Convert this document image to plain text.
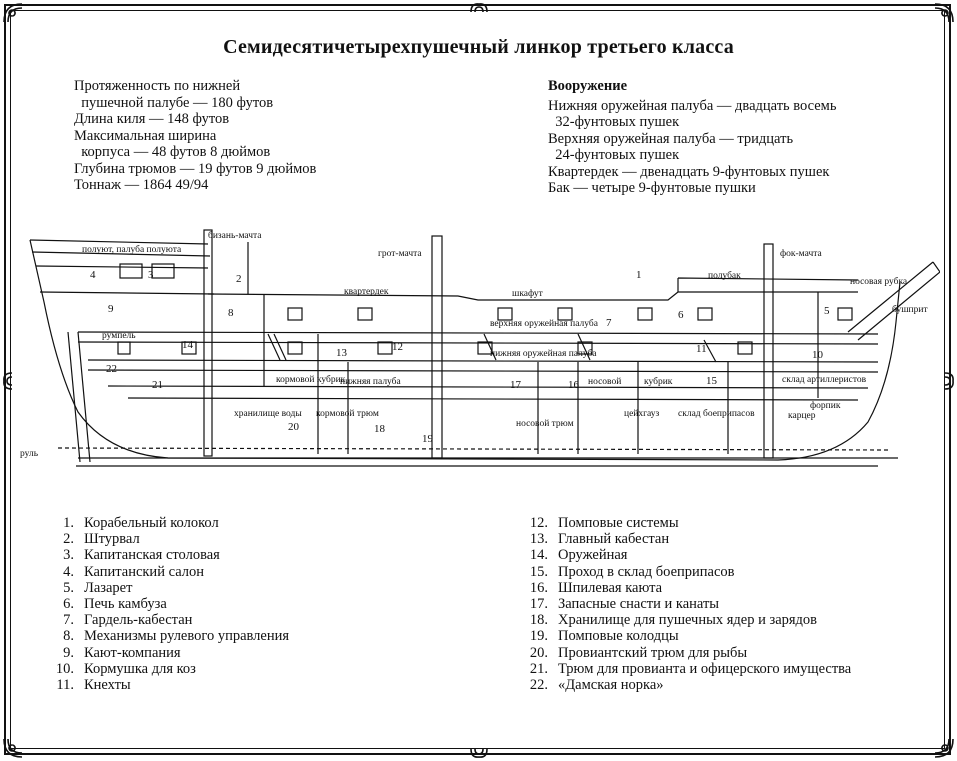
Семидесятичетырехпушечный линкор третьего класса
Протяженность по нижней
пушечной палубе — 180 футов
Длина киля — 148 футов
Максимальная ширина
корпуса — 48 футов 8 дюймов
Глубина трюмов — 19 футов 9 дюймов
Тоннаж — 1864 49/94
Вооружение
Нижняя оружейная палуба — двадцать восемь
32-фунтовых пушек
Верхняя оружейная палуба — тридцать
24-фунтовых пушек
Квартердек — двенадцать 9-фунтовых пушек
Бак — четыре 9-фунтовые пушки
бизань-мачта
грот-мачта	фок-мачта
полуют, палуба полуюта
квартердек	шкафут
полубак
носовая рубка
бушприт
румпель
руль
верхняя оружейная палуба
нижняя оружейная палуба
кормовой кубрик
нижняя палуба	кубрик
носовой
хранилище воды кормовой трюм
носовой трюм
цейхгауз склад боеприпасов
склад артиллеристов
форпик
карцер
1
2
3
4
5
6
7
8
9
10
11
12
13
14
15
16
17
18
19
20
21
22
1. Корабельный колокол
2. Штурвал
3. Капитанская столовая
4. Капитанский салон
5. Лазарет
6. Печь камбуза
7. Гардель-кабестан
8. Механизмы рулевого управления
9. Кают-компания
10. Кормушка для коз
11. Кнехты
12. Помповые системы
13. Главный кабестан
14. Оружейная
15. Проход в склад боеприпасов
16. Шпилевая каюта
17. Запасные снасти и канаты
18. Хранилище для пушечных ядер и зарядов
19. Помповые колодцы
20. Провиантский трюм для рыбы
21. Трюм для провианта и офицерского имущества
22. «Дамская норка»
